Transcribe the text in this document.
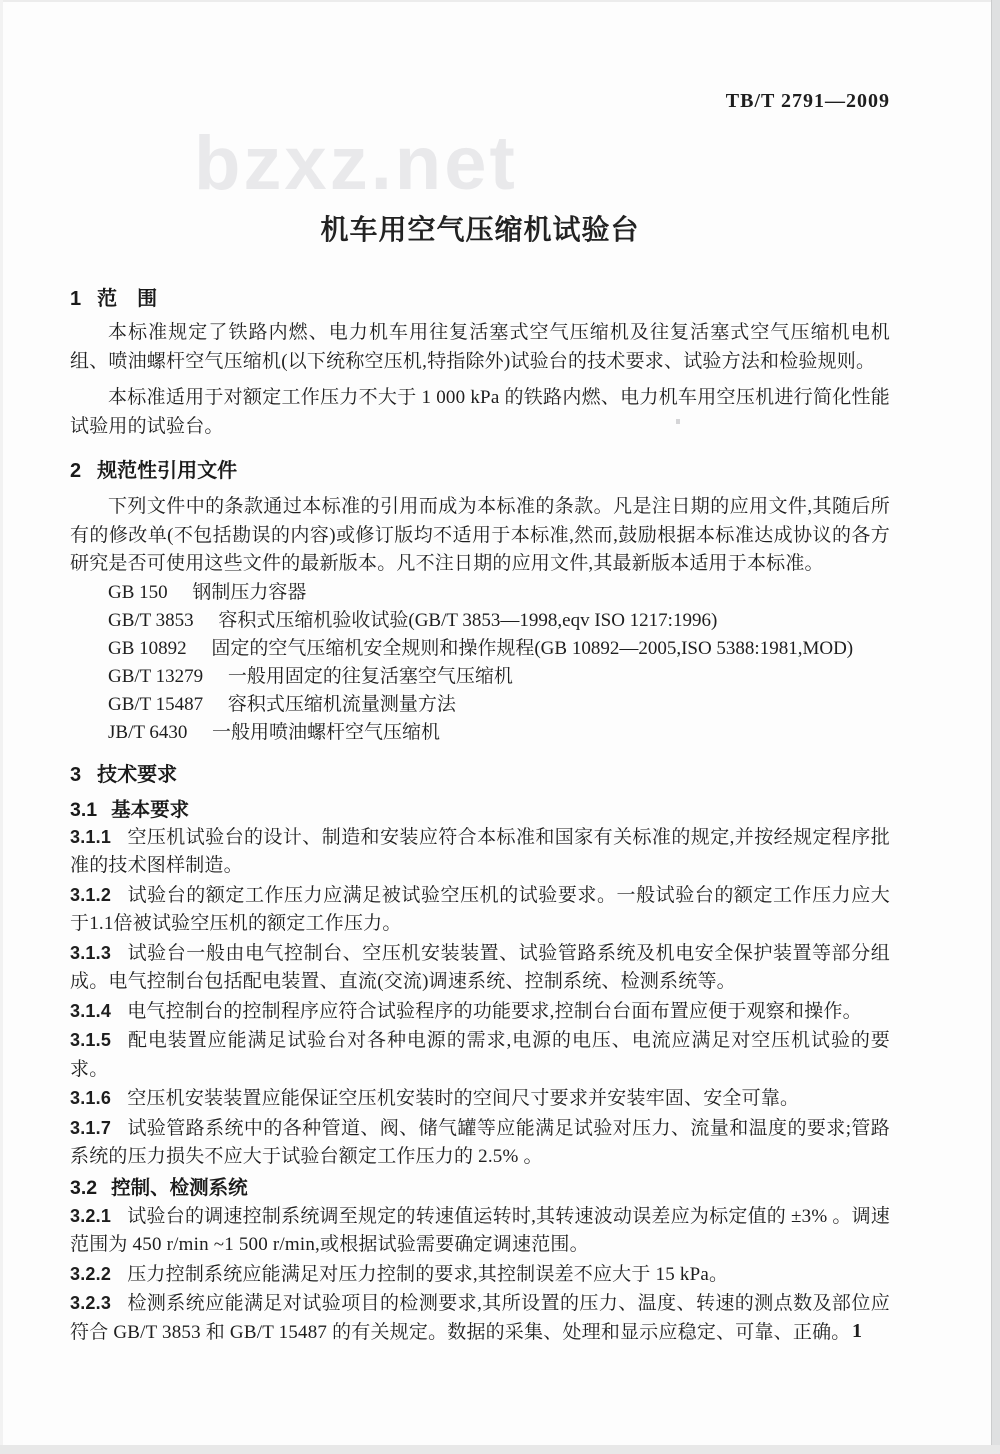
bzxz.net
TB/T 2791—2009
机车用空气压缩机试验台
1 范　围

本标准规定了铁路内燃、电力机车用往复活塞式空气压缩机及往复活塞式空气压缩机电机组、喷油螺杆空气压缩机(以下统称空压机,特指除外)试验台的技术要求、试验方法和检验规则。

本标准适用于对额定工作压力不大于 1 000 kPa 的铁路内燃、电力机车用空压机进行简化性能试验用的试验台。

2 规范性引用文件

下列文件中的条款通过本标准的引用而成为本标准的条款。凡是注日期的应用文件,其随后所有的修改单(不包括勘误的内容)或修订版均不适用于本标准,然而,鼓励根据本标准达成协议的各方研究是否可使用这些文件的最新版本。凡不注日期的应用文件,其最新版本适用于本标准。

GB 150 钢制压力容器

GB/T 3853 容积式压缩机验收试验(GB/T 3853—1998,eqv ISO 1217:1996)

GB 10892 固定的空气压缩机安全规则和操作规程(GB 10892—2005,ISO 5388:1981,MOD)

GB/T 13279 一般用固定的往复活塞空气压缩机

GB/T 15487 容积式压缩机流量测量方法

JB/T 6430 一般用喷油螺杆空气压缩机

3 技术要求
3.1 基本要求

3.1.1 空压机试验台的设计、制造和安装应符合本标准和国家有关标准的规定,并按经规定程序批准的技术图样制造。

3.1.2 试验台的额定工作压力应满足被试验空压机的试验要求。一般试验台的额定工作压力应大于1.1倍被试验空压机的额定工作压力。

3.1.3 试验台一般由电气控制台、空压机安装装置、试验管路系统及机电安全保护装置等部分组成。电气控制台包括配电装置、直流(交流)调速系统、控制系统、检测系统等。

3.1.4 电气控制台的控制程序应符合试验程序的功能要求,控制台台面布置应便于观察和操作。

3.1.5 配电装置应能满足试验台对各种电源的需求,电源的电压、电流应满足对空压机试验的要求。

3.1.6 空压机安装装置应能保证空压机安装时的空间尺寸要求并安装牢固、安全可靠。

3.1.7 试验管路系统中的各种管道、阀、储气罐等应能满足试验对压力、流量和温度的要求;管路系统的压力损失不应大于试验台额定工作压力的 2.5% 。

3.2 控制、检测系统

3.2.1 试验台的调速控制系统调至规定的转速值运转时,其转速波动误差应为标定值的 ±3% 。调速范围为 450 r/min ~1 500 r/min,或根据试验需要确定调速范围。

3.2.2 压力控制系统应能满足对压力控制的要求,其控制误差不应大于 15 kPa。

3.2.3 检测系统应能满足对试验项目的检测要求,其所设置的压力、温度、转速的测点数及部位应符合 GB/T 3853 和 GB/T 15487 的有关规定。数据的采集、处理和显示应稳定、可靠、正确。 1
